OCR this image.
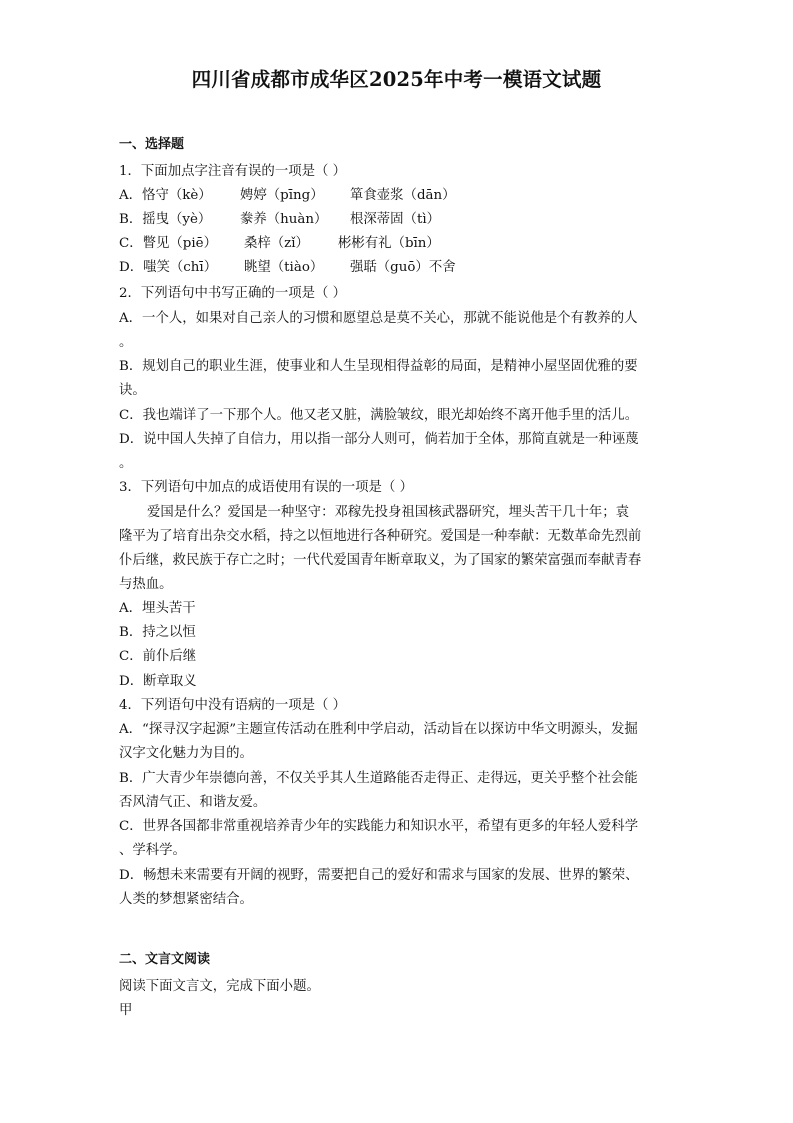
四川省成都市成华区2025年中考一模语文试题
一、选择题
1．下面加点字注音有误的一项是（ ）
A．恪守（kè） 娉婷（pīng） 箪食壶浆（dān）
B．摇曳（yè） 豢养（huàn） 根深蒂固（tì）
C．瞥见（piē） 桑梓（zǐ） 彬彬有礼（bīn）
D．嗤笑（chī） 眺望（tiào） 强聒（guō）不舍
2．下列语句中书写正确的一项是（ ）
A．一个人，如果对自己亲人的习惯和愿望总是莫不关心，那就不能说他是个有教养的人
。
B．规划自己的职业生涯，使事业和人生呈现相得益彰的局面，是精神小屋坚固优雅的要
诀。
C．我也端详了一下那个人。他又老又脏，满脸皱纹，眼光却始终不离开他手里的活儿。
D．说中国人失掉了自信力，用以指一部分人则可，倘若加于全体，那简直就是一种诬蔑
。
3．下列语句中加点的成语使用有误的一项是（ ）
爱国是什么？爱国是一种坚守：邓稼先投身祖国核武器研究，埋头苦干几十年；袁
隆平为了培育出杂交水稻，持之以恒地进行各种研究。爱国是一种奉献：无数革命先烈前
仆后继，救民族于存亡之时；一代代爱国青年断章取义，为了国家的繁荣富强而奉献青春
与热血。
A．埋头苦干
B．持之以恒
C．前仆后继
D．断章取义
4．下列语句中没有语病的一项是（ ）
A．“探寻汉字起源”主题宣传活动在胜利中学启动，活动旨在以探访中华文明源头，发掘
汉字文化魅力为目的。
B．广大青少年崇德向善，不仅关乎其人生道路能否走得正、走得远，更关乎整个社会能
否风清气正、和谐友爱。
C．世界各国都非常重视培养青少年的实践能力和知识水平，希望有更多的年轻人爱科学
、学科学。
D．畅想未来需要有开阔的视野，需要把自己的爱好和需求与国家的发展、世界的繁荣、
人类的梦想紧密结合。
二、文言文阅读
阅读下面文言文，完成下面小题。
甲
